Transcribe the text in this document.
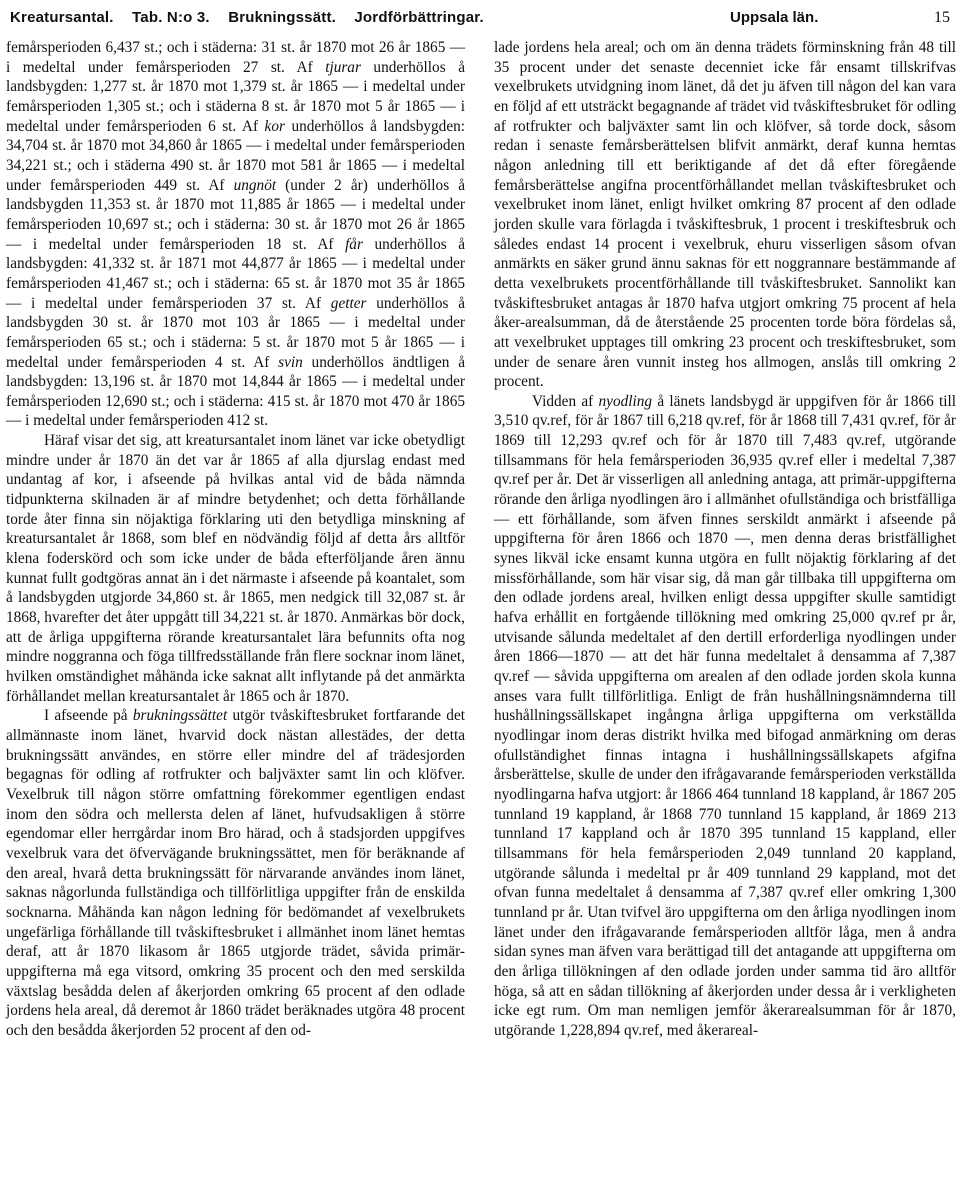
Kreatursantal. Tab. N:o 3. Brukningssätt. Jordförbättringar.	Uppsala län.	15

femårsperioden 6,437 st.; och i städerna: 31 st. år 1870 mot 26 år 1865 — i medeltal under femårsperioden 27 st. Af tjurar underhöllos å landsbygden: 1,277 st. år 1870 mot 1,379 st. år 1865 — i medeltal under femårsperioden 1,305 st.; och i städerna 8 st. år 1870 mot 5 år 1865 — i medeltal under femårsperioden 6 st. Af kor underhöllos å landsbygden: 34,704 st. år 1870 mot 34,860 år 1865 — i medeltal under femårsperioden 34,221 st.; och i städerna 490 st. år 1870 mot 581 år 1865 — i medeltal under femårsperioden 449 st. Af ungnöt (under 2 år) underhöllos å landsbygden 11,353 st. år 1870 mot 11,885 år 1865 — i medeltal under femårsperioden 10,697 st.; och i städerna: 30 st. år 1870 mot 26 år 1865 — i medeltal under femårsperioden 18 st. Af får underhöllos å landsbygden: 41,332 st. år 1871 mot 44,877 år 1865 — i medeltal under femårsperioden 41,467 st.; och i städerna: 65 st. år 1870 mot 35 år 1865 — i medeltal under femårsperioden 37 st. Af getter underhöllos å landsbygden 30 st. år 1870 mot 103 år 1865 — i medeltal under femårsperioden 65 st.; och i städerna: 5 st. år 1870 mot 5 år 1865 — i medeltal under femårsperioden 4 st. Af svin underhöllos ändtligen å landsbygden: 13,196 st. år 1870 mot 14,844 år 1865 — i medeltal under femårsperioden 12,690 st.; och i städerna: 415 st. år 1870 mot 470 år 1865 — i medeltal under femårsperioden 412 st.

Häraf visar det sig, att kreatursantalet inom länet var icke obetydligt mindre under år 1870 än det var år 1865 af alla djurslag endast med undantag af kor, i afseende på hvilkas antal vid de båda nämnda tidpunkterna skilnaden är af mindre betydenhet; och detta förhållande torde åter finna sin nöjaktiga förklaring uti den betydliga minskning af kreatursantalet år 1868, som blef en nödvändig följd af detta års alltför klena foderskörd och som icke under de båda efterföljande åren ännu kunnat fullt godtgöras annat än i det närmaste i afseende på koantalet, som å landsbygden utgjorde 34,860 st. år 1865, men nedgick till 32,087 st. år 1868, hvarefter det åter uppgått till 34,221 st. år 1870. Anmärkas bör dock, att de årliga uppgifterna rörande kreatursantalet lära befunnits ofta nog mindre noggranna och föga tillfredsställande från flere socknar inom länet, hvilken omständighet måhända icke saknat allt inflytande på det anmärkta förhållandet mellan kreatursantalet år 1865 och år 1870.

I afseende på brukningssättet utgör tvåskiftesbruket fortfarande det allmännaste inom länet, hvarvid dock nästan allestädes, der detta brukningssätt användes, en större eller mindre del af trädesjorden begagnas för odling af rotfrukter och baljväxter samt lin och klöfver. Vexelbruk till någon större omfattning förekommer egentligen endast inom den södra och mellersta delen af länet, hufvudsakligen å större egendomar eller herrgårdar inom Bro härad, och å stadsjorden uppgifves vexelbruk vara det öfvervägande brukningssättet, men för beräknande af den areal, hvarå detta brukningssätt för närvarande användes inom länet, saknas någorlunda fullständiga och tillförlitliga uppgifter från de enskilda socknarna. Måhända kan någon ledning för bedömandet af vexelbrukets ungefärliga förhållande till tvåskiftesbruket i allmänhet inom länet hemtas deraf, att år 1870 likasom år 1865 utgjorde trädet, såvida primär-uppgifterna må ega vitsord, omkring 35 procent och den med serskilda växtslag besådda delen af åkerjorden omkring 65 procent af den odlade jordens hela areal, då deremot år 1860 trädet beräknades utgöra 48 procent och den besådda åkerjorden 52 procent af den od-

lade jordens hela areal; och om än denna trädets förminskning från 48 till 35 procent under det senaste decenniet icke får ensamt tillskrifvas vexelbrukets utvidgning inom länet, då det ju äfven till någon del kan vara en följd af ett utsträckt begagnande af trädet vid tvåskiftesbruket för odling af rotfrukter och baljväxter samt lin och klöfver, så torde dock, såsom redan i senaste femårsberättelsen blifvit anmärkt, deraf kunna hemtas någon anledning till ett beriktigande af det då efter föregående femårsberättelse angifna procentförhållandet mellan tvåskiftesbruket och vexelbruket inom länet, enligt hvilket omkring 87 procent af den odlade jorden skulle vara förlagda i tvåskiftesbruk, 1 procent i treskiftesbruk och således endast 14 procent i vexelbruk, ehuru visserligen såsom ofvan anmärkts en säker grund ännu saknas för ett noggrannare bestämmande af detta vexelbrukets procentförhållande till tvåskiftesbruket. Sannolikt kan tvåskiftesbruket antagas år 1870 hafva utgjort omkring 75 procent af hela åker-arealsumman, då de återstående 25 procenten torde böra fördelas så, att vexelbruket upptages till omkring 23 procent och treskiftesbruket, som under de senare åren vunnit insteg hos allmogen, anslås till omkring 2 procent.

Vidden af nyodling å länets landsbygd är uppgifven för år 1866 till 3,510 qv.ref, för år 1867 till 6,218 qv.ref, för år 1868 till 7,431 qv.ref, för år 1869 till 12,293 qv.ref och för år 1870 till 7,483 qv.ref, utgörande tillsammans för hela femårsperioden 36,935 qv.ref eller i medeltal 7,387 qv.ref per år. Det är visserligen all anledning antaga, att primär-uppgifterna rörande den årliga nyodlingen äro i allmänhet ofullständiga och bristfälliga — ett förhållande, som äfven finnes serskildt anmärkt i afseende på uppgifterna för åren 1866 och 1870 —, men denna deras bristfällighet synes likväl icke ensamt kunna utgöra en fullt nöjaktig förklaring af det missförhållande, som här visar sig, då man går tillbaka till uppgifterna om den odlade jordens areal, hvilken enligt dessa uppgifter skulle samtidigt hafva erhållit en fortgående tillökning med omkring 25,000 qv.ref pr år, utvisande sålunda medeltalet af den dertill erforderliga nyodlingen under åren 1866—1870 — att det här funna medeltalet å densamma af 7,387 qv.ref — såvida uppgifterna om arealen af den odlade jorden skola kunna anses vara fullt tillförlitliga. Enligt de från hushållningsnämnderna till hushållningssällskapet ingångna årliga uppgifterna om verkställda nyodlingar inom deras distrikt hvilka med bifogad anmärkning om deras ofullständighet finnas intagna i hushållningssällskapets afgifna årsberättelse, skulle de under den ifrågavarande femårsperioden verkställda nyodlingarna hafva utgjort: år 1866 464 tunnland 18 kappland, år 1867 205 tunnland 19 kappland, år 1868 770 tunnland 15 kappland, år 1869 213 tunnland 17 kappland och år 1870 395 tunnland 15 kappland, eller tillsammans för hela femårsperioden 2,049 tunnland 20 kappland, utgörande sålunda i medeltal pr år 409 tunnland 29 kappland, mot det ofvan funna medeltalet å densamma af 7,387 qv.ref eller omkring 1,300 tunnland pr år. Utan tvifvel äro uppgifterna om den årliga nyodlingen inom länet under den ifrågavarande femårsperioden alltför låga, men å andra sidan synes man äfven vara berättigad till det antagande att uppgifterna om den årliga tillökningen af den odlade jorden under samma tid äro alltför höga, så att en sådan tillökning af åkerjorden under dessa år i verkligheten icke egt rum. Om man nemligen jemför åkerarealsumman för år 1870, utgörande 1,228,894 qv.ref, med åkerareal-
